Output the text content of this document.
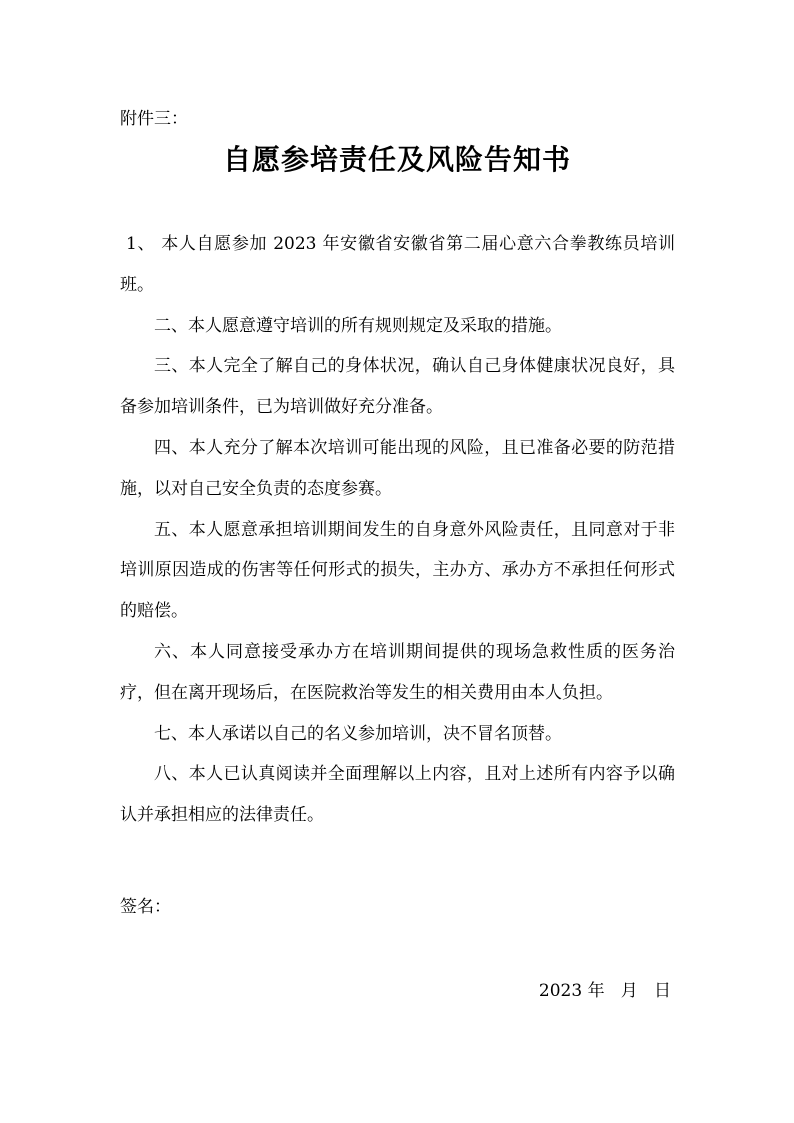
附件三：
自愿参培责任及风险告知书

1、 本人自愿参加 2023 年安徽省安徽省第二届心意六合拳教练员培训班。

二、本人愿意遵守培训的所有规则规定及采取的措施。

三、本人完全了解自己的身体状况，确认自己身体健康状况良好，具备参加培训条件，已为培训做好充分准备。

四、本人充分了解本次培训可能出现的风险，且已准备必要的防范措施，以对自己安全负责的态度参赛。

五、本人愿意承担培训期间发生的自身意外风险责任，且同意对于非培训原因造成的伤害等任何形式的损失，主办方、承办方不承担任何形式的赔偿。

六、本人同意接受承办方在培训期间提供的现场急救性质的医务治疗，但在离开现场后，在医院救治等发生的相关费用由本人负担。

七、本人承诺以自己的名义参加培训，决不冒名顶替。

八、本人已认真阅读并全面理解以上内容，且对上述所有内容予以确认并承担相应的法律责任。

签名：
2023 年   月   日
